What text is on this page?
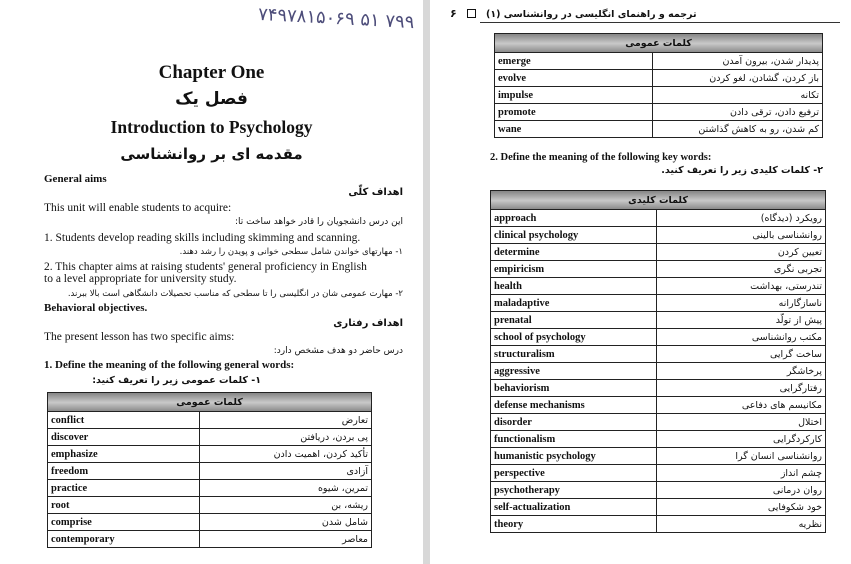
۷۴۹۷۸۱۵۰۶۹ ۵۱ ۷۹۹
Chapter One
فصل یک
Introduction to Psychology
مقدمه ای بر روانشناسی
General aims
اهداف کلّی
This unit will enable students to acquire:
این درس دانشجویان را قادر خواهد ساخت تا:
1. Students develop reading skills including skimming and scanning.
۱- مهارتهای خواندن شامل سطحی خوانی و پویدن را رشد دهند.
2. This chapter aims at raising students' general proficiency in English
to a level appropriate for university study.
۲- مهارت عمومی شان در انگلیسی را تا سطحی که مناسب تحصیلات دانشگاهی است بالا ببرند.
Behavioral objectives.
اهداف رفتاری
The present lesson has two specific aims:
درس حاضر دو هدف مشخص دارد:
1. Define the meaning of the following general words:
۱- کلمات عمومی زیر را تعریف کنید:
کلمات عمومی	
conflict	تعارض
discover	پی بردن، دریافتن
emphasize	تأکید کردن، اهمیت دادن
freedom	آزادی
practice	تمرین، شیوه
root	ریشه، بن
comprise	شامل شدن
contemporary	معاصر
ترجمه و راهنمای انگلیسی در روانشناسی (۱)
۶
کلمات عمومی	
emerge	پدیدار شدن، بیرون آمدن
evolve	باز کردن، گشادن، لغو کردن
impulse	تکانه
promote	ترفیع دادن، ترقی دادن
wane	کم شدن، رو به کاهش گذاشتن
2. Define the meaning of the following key words:
۲- کلمات کلیدی زیر را تعریف کنید.
کلمات کلیدی	
approach	رویکرد (دیدگاه)
clinical psychology	روانشناسی بالینی
determine	تعیین کردن
empiricism	تجربی نگری
health	تندرستی، بهداشت
maladaptive	ناسازگارانه
prenatal	پیش از تولّد
school of psychology	مکتب روانشناسی
structuralism	ساخت گرایی
aggressive	پرخاشگر
behaviorism	رفتارگرایی
defense mechanisms	مکانیسم های دفاعی
disorder	اختلال
functionalism	کارکردگرایی
humanistic psychology	روانشناسی انسان گرا
perspective	چشم انداز
psychotherapy	روان درمانی
self-actualization	خود شکوفایی
theory	نظریه
